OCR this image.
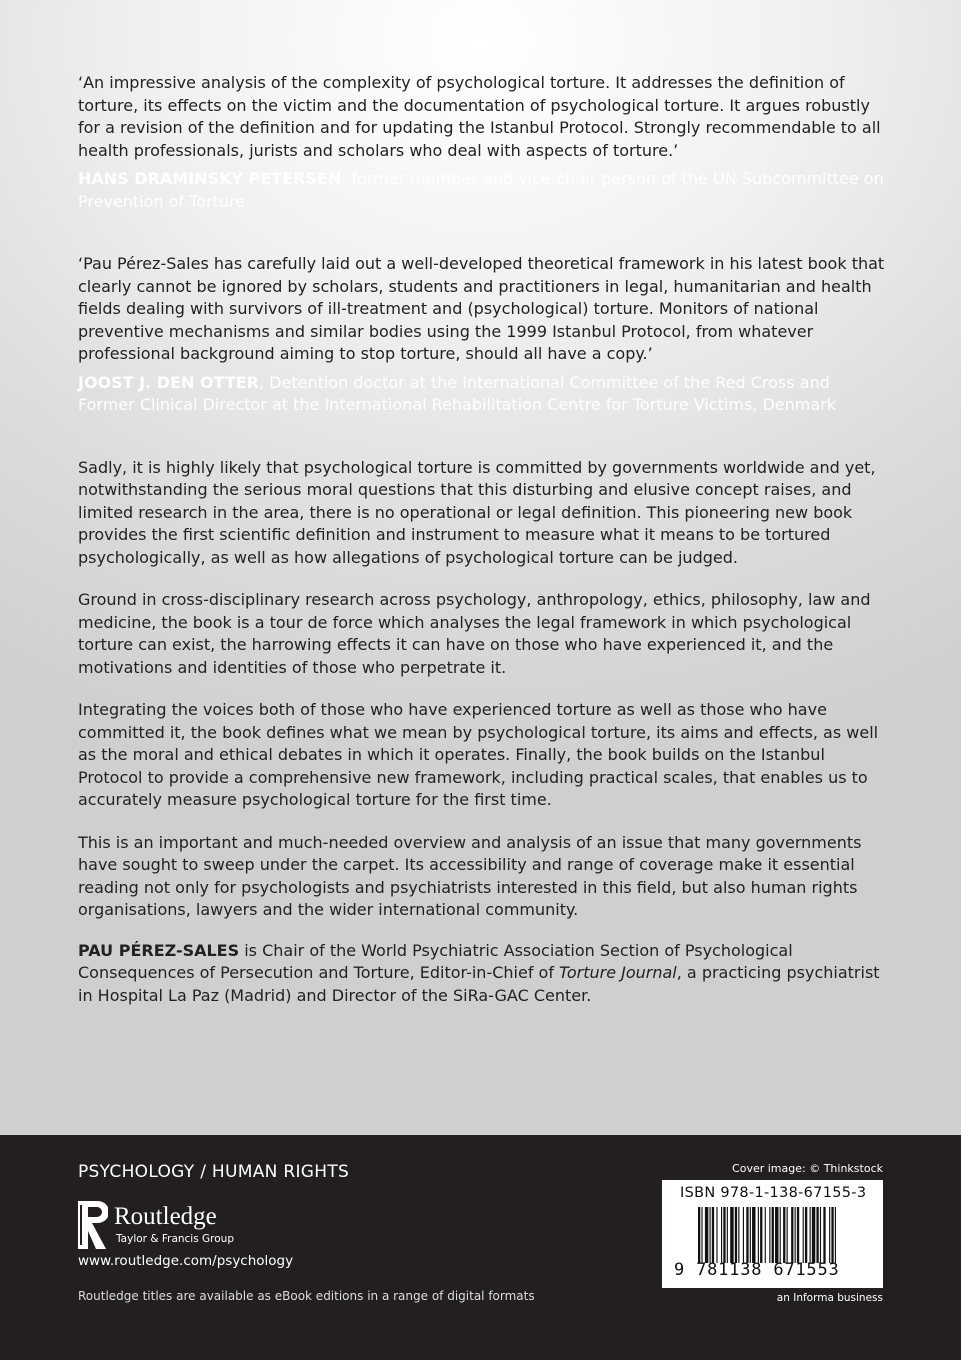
‘An impressive analysis of the complexity of psychological torture. It addresses the definition of torture, its effects on the victim and the documentation of psychological torture. It argues robustly for a revision of the definition and for updating the Istanbul Protocol. Strongly recommendable to all health professionals, jurists and scholars who deal with aspects of torture.’

HANS DRAMINSKY PETERSEN, former member and vice-chair person of the UN Subcommittee on Prevention of Torture

‘Pau Pérez-Sales has carefully laid out a well-developed theoretical framework in his latest book that clearly cannot be ignored by scholars, students and practitioners in legal, humanitarian and health fields dealing with survivors of ill-treatment and (psychological) torture. Monitors of national preventive mechanisms and similar bodies using the 1999 Istanbul Protocol, from whatever professional background aiming to stop torture, should all have a copy.’

JOOST J. DEN OTTER, Detention doctor at the International Committee of the Red Cross and Former Clinical Director at the International Rehabilitation Centre for Torture Victims, Denmark

Sadly, it is highly likely that psychological torture is committed by governments worldwide and yet, notwithstanding the serious moral questions that this disturbing and elusive concept raises, and limited research in the area, there is no operational or legal definition. This pioneering new book provides the first scientific definition and instrument to measure what it means to be tortured psychologically, as well as how allegations of psychological torture can be judged.

Ground in cross-disciplinary research across psychology, anthropology, ethics, philosophy, law and medicine, the book is a tour de force which analyses the legal framework in which psychological torture can exist, the harrowing effects it can have on those who have experienced it, and the motivations and identities of those who perpetrate it.

Integrating the voices both of those who have experienced torture as well as those who have committed it, the book defines what we mean by psychological torture, its aims and effects, as well as the moral and ethical debates in which it operates. Finally, the book builds on the Istanbul Protocol to provide a comprehensive new framework, including practical scales, that enables us to accurately measure psychological torture for the first time.

This is an important and much-needed overview and analysis of an issue that many governments have sought to sweep under the carpet. Its accessibility and range of coverage make it essential reading not only for psychologists and psychiatrists interested in this field, but also human rights organisations, lawyers and the wider international community.

PAU PÉREZ-SALES is Chair of the World Psychiatric Association Section of Psychological Consequences of Persecution and Torture, Editor-in-Chief of Torture Journal, a practicing psychiatrist in Hospital La Paz (Madrid) and Director of the SiRa-GAC Center.

PSYCHOLOGY / HUMAN RIGHTS
Routledge
Taylor & Francis Group
www.routledge.com/psychology
Routledge titles are available as eBook editions in a range of digital formats
Cover image: © Thinkstock
ISBN 978-1-138-67155-3
9 781138 671553
an Informa business
